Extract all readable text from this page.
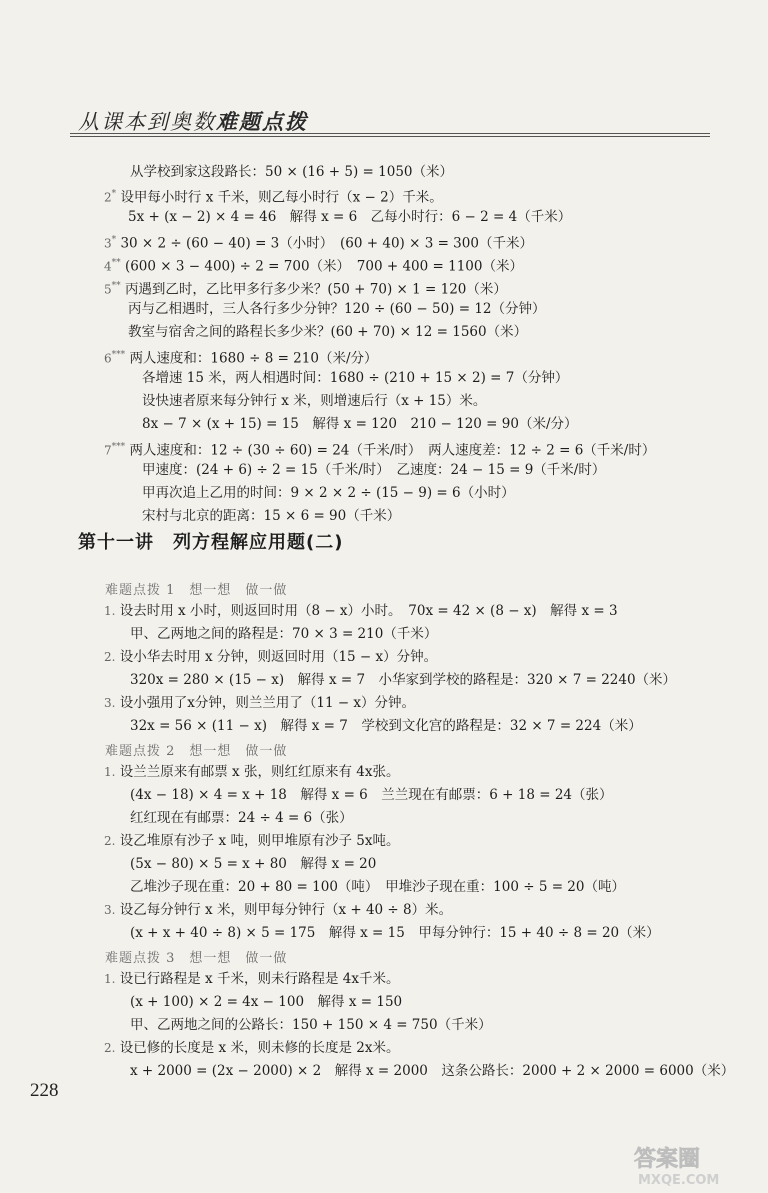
从课本到奥数难题点拨
从学校到家这段路长：50 × (16 + 5) = 1050（米）
2* 设甲每小时行 x 千米，则乙每小时行（x − 2）千米。
5x + (x − 2) × 4 = 46　解得 x = 6　乙每小时行：6 − 2 = 4（千米）
3* 30 × 2 ÷ (60 − 40) = 3（小时）　(60 + 40) × 3 = 300（千米）
4** (600 × 3 − 400) ÷ 2 = 700（米）　700 + 400 = 1100（米）
5** 丙遇到乙时，乙比甲多行多少米？(50 + 70) × 1 = 120（米）
丙与乙相遇时，三人各行多少分钟？120 ÷ (60 − 50) = 12（分钟）
教室与宿舍之间的路程长多少米？(60 + 70) × 12 = 1560（米）
6*** 两人速度和：1680 ÷ 8 = 210（米/分）
各增速 15 米，两人相遇时间：1680 ÷ (210 + 15 × 2) = 7（分钟）
设快速者原来每分钟行 x 米，则增速后行（x + 15）米。
8x − 7 × (x + 15) = 15　解得 x = 120　210 − 120 = 90（米/分）
7*** 两人速度和：12 ÷ (30 ÷ 60) = 24（千米/时）　两人速度差：12 ÷ 2 = 6（千米/时）
甲速度：(24 + 6) ÷ 2 = 15（千米/时）　乙速度：24 − 15 = 9（千米/时）
甲再次追上乙用的时间：9 × 2 × 2 ÷ (15 − 9) = 6（小时）
宋村与北京的距离：15 × 6 = 90（千米）
难题点拨 1　想一想　做一做
1. 设去时用 x 小时，则返回时用（8 − x）小时。　70x = 42 × (8 − x)　解得 x = 3
甲、乙两地之间的路程是：70 × 3 = 210（千米）
2. 设小华去时用 x 分钟，则返回时用（15 − x）分钟。
320x = 280 × (15 − x)　解得 x = 7　小华家到学校的路程是：320 × 7 = 2240（米）
3. 设小强用了x分钟，则兰兰用了（11 − x）分钟。
32x = 56 × (11 − x)　解得 x = 7　学校到文化宫的路程是：32 × 7 = 224（米）
难题点拨 2　想一想　做一做
1. 设兰兰原来有邮票 x 张，则红红原来有 4x张。
(4x − 18) × 4 = x + 18　解得 x = 6　兰兰现在有邮票：6 + 18 = 24（张）
红红现在有邮票：24 ÷ 4 = 6（张）
2. 设乙堆原有沙子 x 吨，则甲堆原有沙子 5x吨。
(5x − 80) × 5 = x + 80　解得 x = 20
乙堆沙子现在重：20 + 80 = 100（吨）　甲堆沙子现在重：100 ÷ 5 = 20（吨）
3. 设乙每分钟行 x 米，则甲每分钟行（x + 40 ÷ 8）米。
(x + x + 40 ÷ 8) × 5 = 175　解得 x = 15　甲每分钟行：15 + 40 ÷ 8 = 20（米）
难题点拨 3　想一想　做一做
1. 设已行路程是 x 千米，则未行路程是 4x千米。
(x + 100) × 2 = 4x − 100　解得 x = 150
甲、乙两地之间的公路长：150 + 150 × 4 = 750（千米）
2. 设已修的长度是 x 米，则未修的长度是 2x米。
x + 2000 = (2x − 2000) × 2　解得 x = 2000　这条公路长：2000 + 2 × 2000 = 6000（米）
第十一讲　列方程解应用题(二)
228
答案圈
MXQE.COM
